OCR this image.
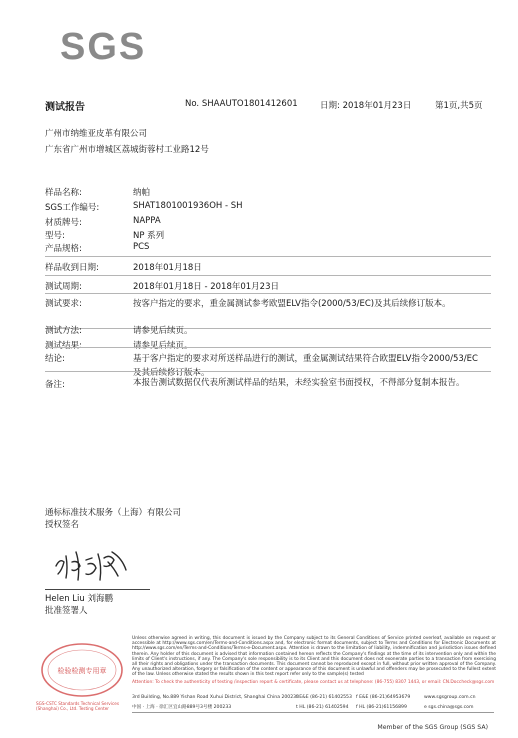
SGS
测试报告	No. SHAAUTO1801412601	日期: 2018年01月23日	第1页,共5页
广州市纳维亚皮革有限公司
广东省广州市增城区荔城街蓉村工业路12号
样品名称:	纳帕
SGS工作编号:	SHAT1801001936OH - SH
材质牌号:	NAPPA
型号:	NP 系列
产品规格:	PCS
样品收到日期:	2018年01月18日
测试周期:	2018年01月18日 - 2018年01月23日
测试要求:	按客户指定的要求，重金属测试参考欧盟ELV指令(2000/53/EC)及其后续修订版本。
测试方法:	请参见后续页。
测试结果:	请参见后续页。
结论:	基于客户指定的要求对所送样品进行的测试，重金属测试结果符合欧盟ELV指令2000/53/EC及其后续修订版本。
备注:	本报告测试数据仅代表所测试样品的结果，未经实验室书面授权，不得部分复制本报告。
通标标准技术服务（上海）有限公司
授权签名
Helen Liu 刘海鹏
批准签署人
检验检测专用章
SGS-CSTC Standards Technical Services (Shanghai) Co., Ltd. Testing Center
Unless otherwise agreed in writing, this document is issued by the Company subject to its General Conditions of Service printed overleaf, available on request or accessible at http://www.sgs.com/en/Terms-and-Conditions.aspx and, for electronic format documents, subject to Terms and Conditions for Electronic Documents at http://www.sgs.com/en/Terms-and-Conditions/Terms-e-Document.aspx. Attention is drawn to the limitation of liability, indemnification and jurisdiction issues defined therein. Any holder of this document is advised that information contained hereon reflects the Company's findings at the time of its intervention only and within the limits of Client's instructions, if any. The Company's sole responsibility is to its Client and this document does not exonerate parties to a transaction from exercising all their rights and obligations under the transaction documents. This document cannot be reproduced except in full, without prior written approval of the Company. Any unauthorized alteration, forgery or falsification of the content or appearance of this document is unlawful and offenders may be prosecuted to the fullest extent of the law. Unless otherwise stated the results shown in this test report refer only to the sample(s) tested
Attention: To check the authenticity of testing /inspection report & certificate, please contact us at telephone: (86-755) 8307 1443, or email: CN.Doccheck@sgs.com
3rd Building, No.889 Yishan Road Xuhui District, Shanghai China 200233
t E&E (86-21) 61402553 f E&E (86-21)64953679	www.sgsgroup.com.cn
中国 · 上海 · 徐汇区宜山路889号3号楼 200233	t HL (86-21) 61402594 f HL (86-21)61156899	e sgs.china@sgs.com
Member of the SGS Group (SGS SA)
